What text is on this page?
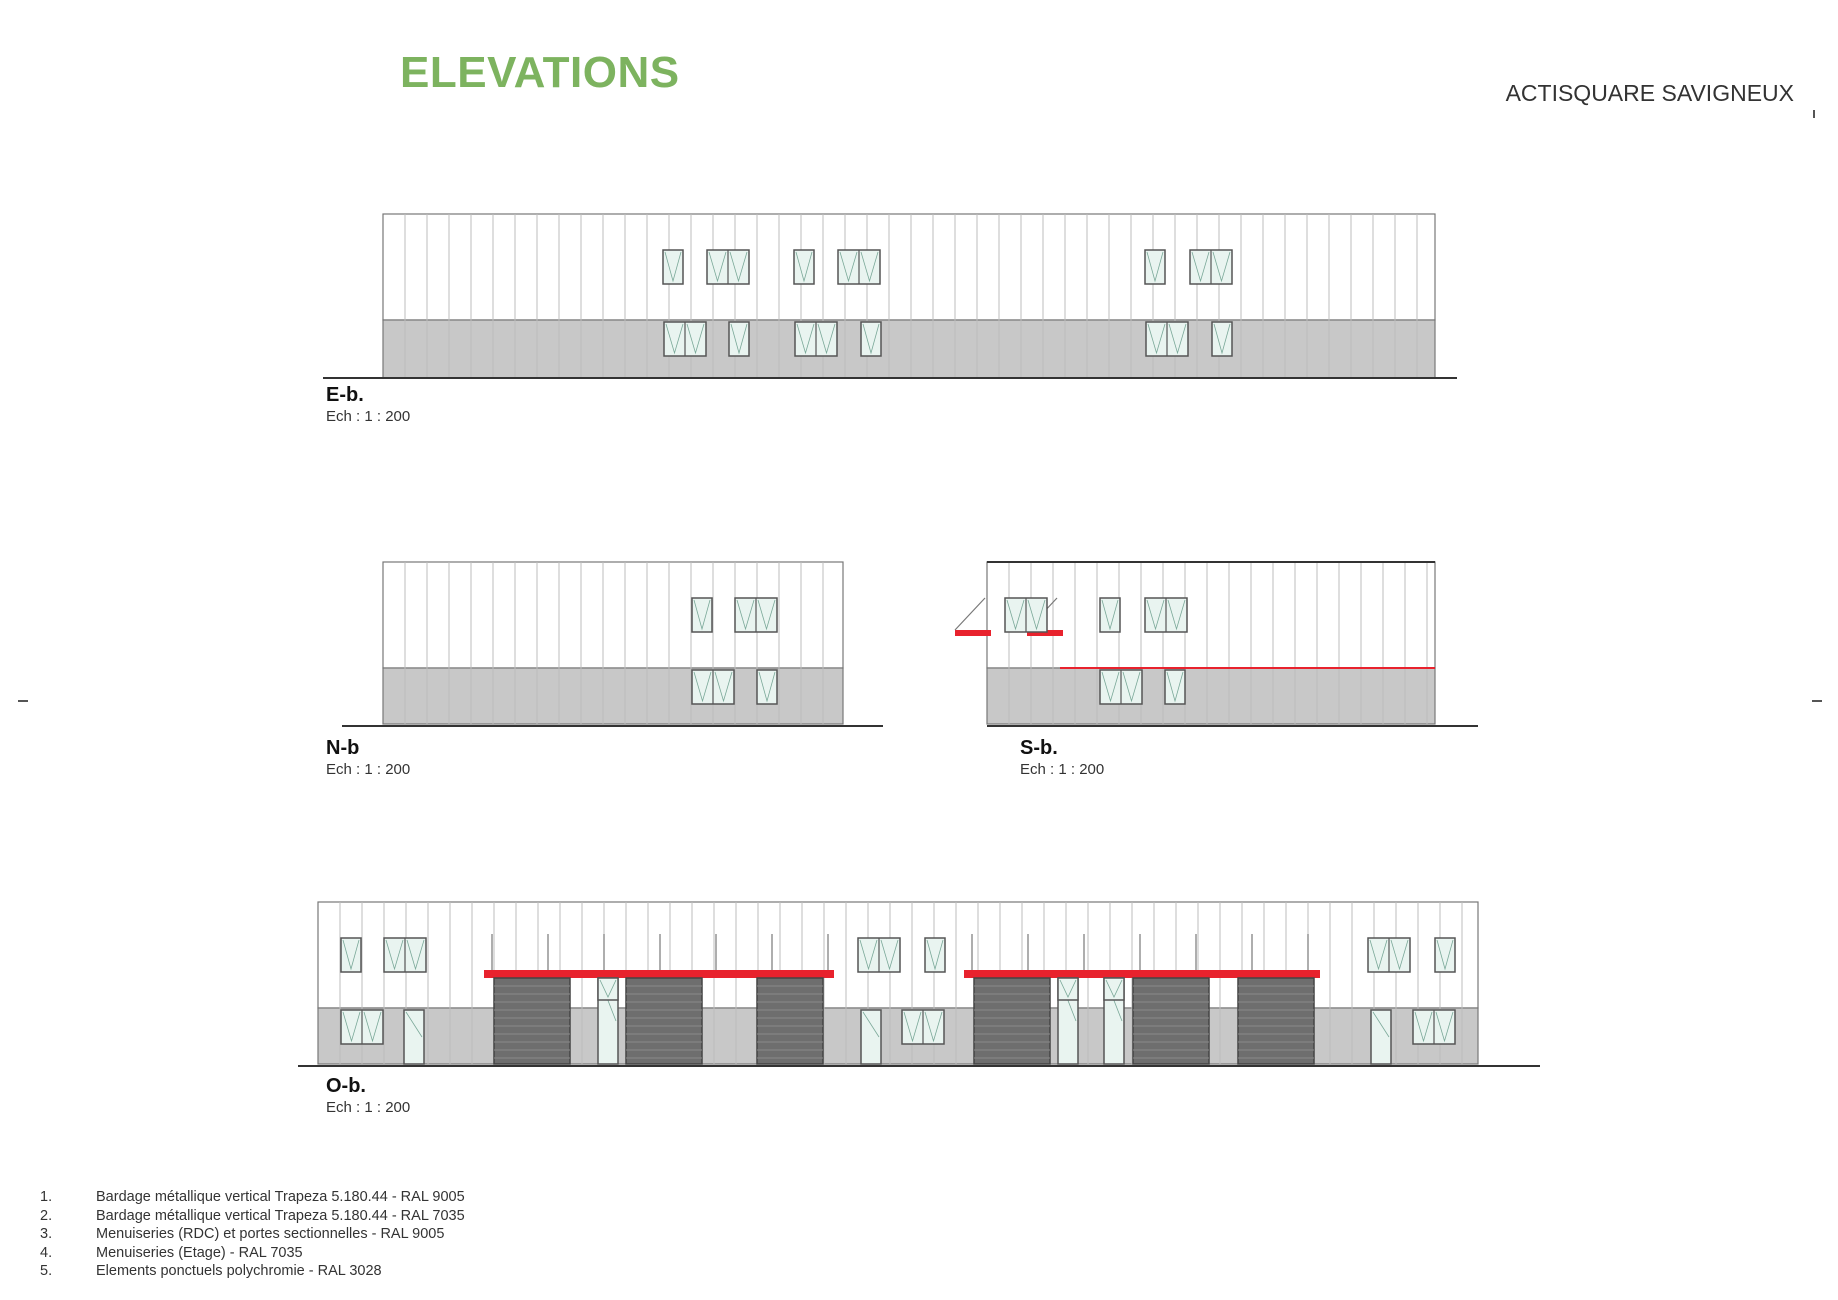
ELEVATIONS	ACTISQUARE SAVIGNEUX

E-b.
Ech : 1 : 200
N-b
Ech : 1 : 200
S-b.
Ech : 1 : 200
O-b.
Ech : 1 : 200
1.	Bardage métallique vertical Trapeza 5.180.44 - RAL 9005
2.	Bardage métallique vertical Trapeza 5.180.44 - RAL 7035
3.	Menuiseries (RDC) et portes sectionnelles - RAL 9005
4.	Menuiseries (Etage) - RAL 7035
5.	Elements ponctuels polychromie - RAL 3028
